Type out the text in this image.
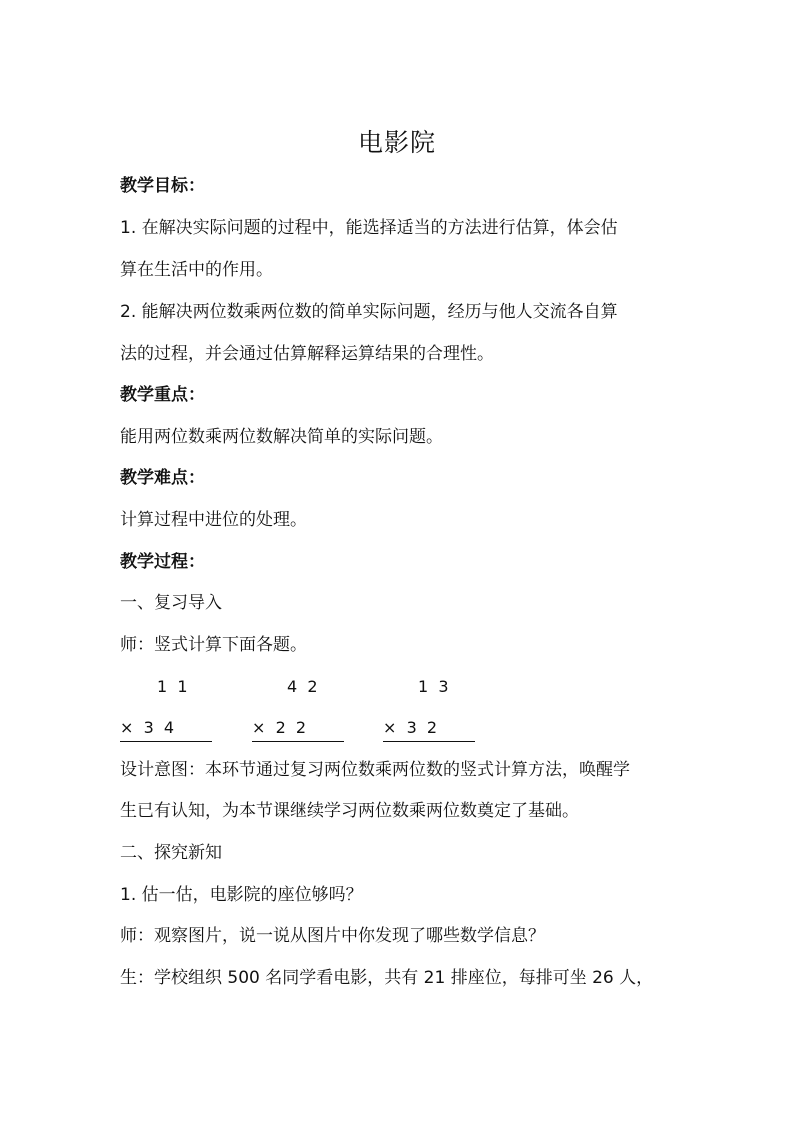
电影院

教学目标：

1. 在解决实际问题的过程中，能选择适当的方法进行估算，体会估

算在生活中的作用。

2. 能解决两位数乘两位数的简单实际问题，经历与他人交流各自算

法的过程，并会通过估算解释运算结果的合理性。

教学重点：

能用两位数乘两位数解决简单的实际问题。

教学难点：

计算过程中进位的处理。

教学过程：

一、复习导入

师：竖式计算下面各题。

1  1
×  3  4
4  2
×  2  2
1  3
×  3  2

设计意图：本环节通过复习两位数乘两位数的竖式计算方法，唤醒学

生已有认知，为本节课继续学习两位数乘两位数奠定了基础。

二、探究新知

1. 估一估，电影院的座位够吗？

师：观察图片，说一说从图片中你发现了哪些数学信息？

生：学校组织 500 名同学看电影，共有 21 排座位，每排可坐 26 人，
